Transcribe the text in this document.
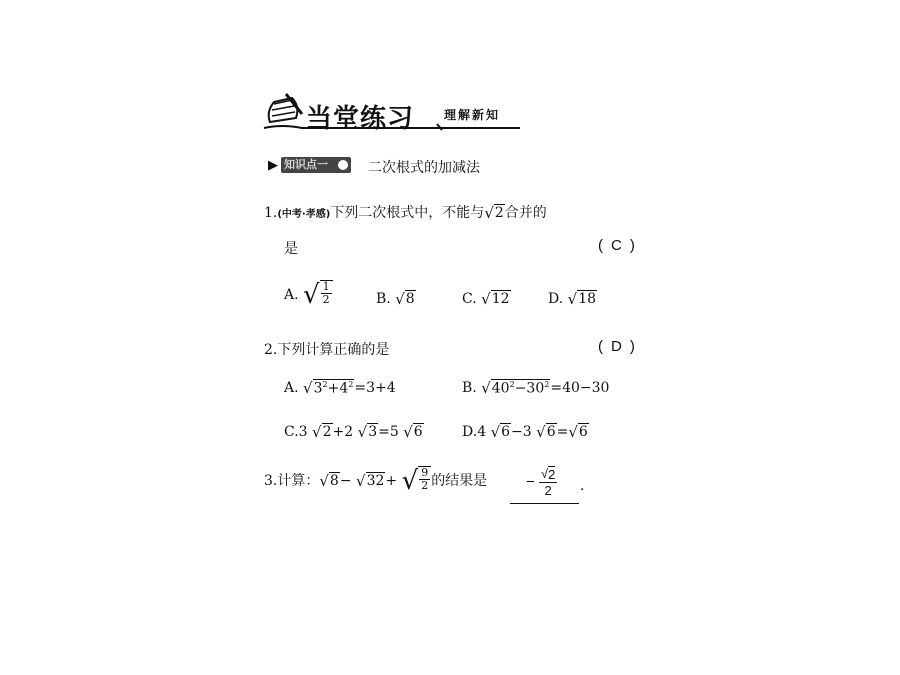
当堂练习 理解新知
▶ 知识点一	二次根式的加减法
1.(中考·孝感)下列二次根式中，不能与 √ 2 合并的
是	( C )
A. √ $\frac{1}{2}$	B. √ 8	C. √ 12	D. √ 18
2.下列计算正确的是	( D )
A. √ $3^2+4^2 =3+4$	B. √ $40^2-30^2 =40-30$
C.3 √ 2 +2 √ 3 =5 √ 6	D.4 √ 6 −3 √ 6 = √ 6
3.计算： √ 8 − √ 32 + √ $\frac{9}{2}$ 的结果是	− $\frac{√ 2}{2}$ .
